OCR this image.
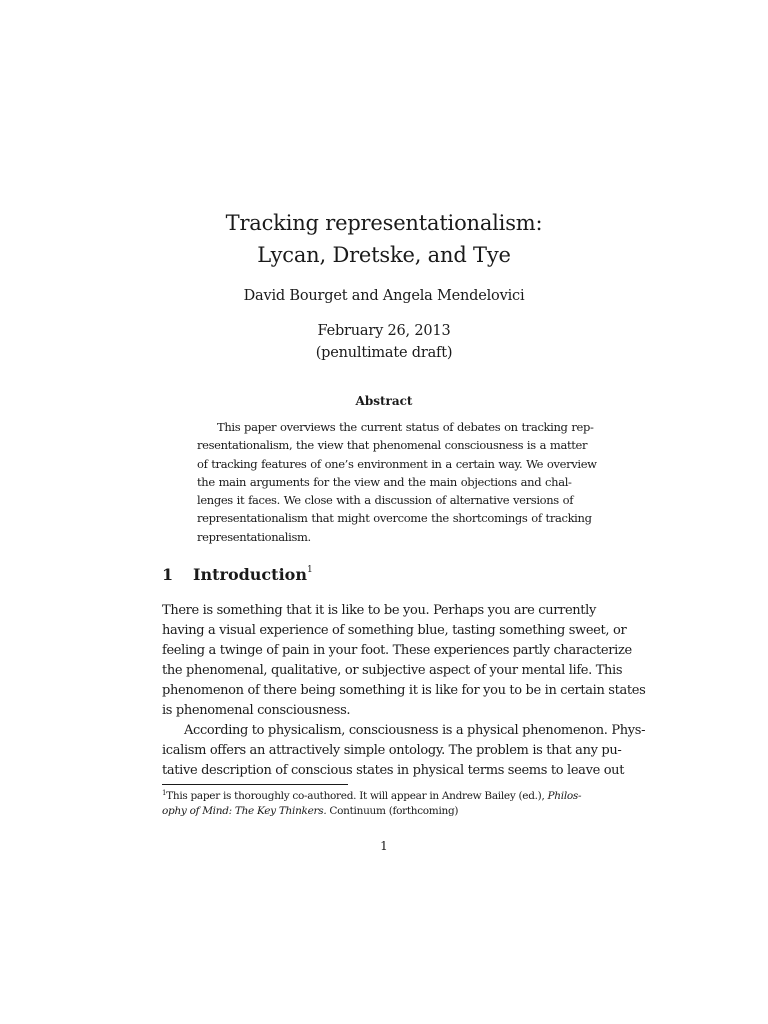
Tracking representationalism:
Lycan, Dretske, and Tye
David Bourget and Angela Mendelovici
February 26, 2013
(penultimate draft)
Abstract
This paper overviews the current status of debates on tracking rep-
resentationalism, the view that phenomenal consciousness is a matter
of tracking features of one’s environment in a certain way. We overview
the main arguments for the view and the main objections and chal-
lenges it faces. We close with a discussion of alternative versions of
representationalism that might overcome the shortcomings of tracking
representationalism.
1 Introduction$^1$
There is something that it is like to be you. Perhaps you are currently
having a visual experience of something blue, tasting something sweet, or
feeling a twinge of pain in your foot. These experiences partly characterize
the phenomenal, qualitative, or subjective aspect of your mental life. This
phenomenon of there being something it is like for you to be in certain states
is phenomenal consciousness.
According to physicalism, consciousness is a physical phenomenon. Phys-
icalism offers an attractively simple ontology. The problem is that any pu-
tative description of conscious states in physical terms seems to leave out
$^1$This paper is thoroughly co-authored. It will appear in Andrew Bailey (ed.), Philos-
ophy of Mind: The Key Thinkers. Continuum (forthcoming)
1
